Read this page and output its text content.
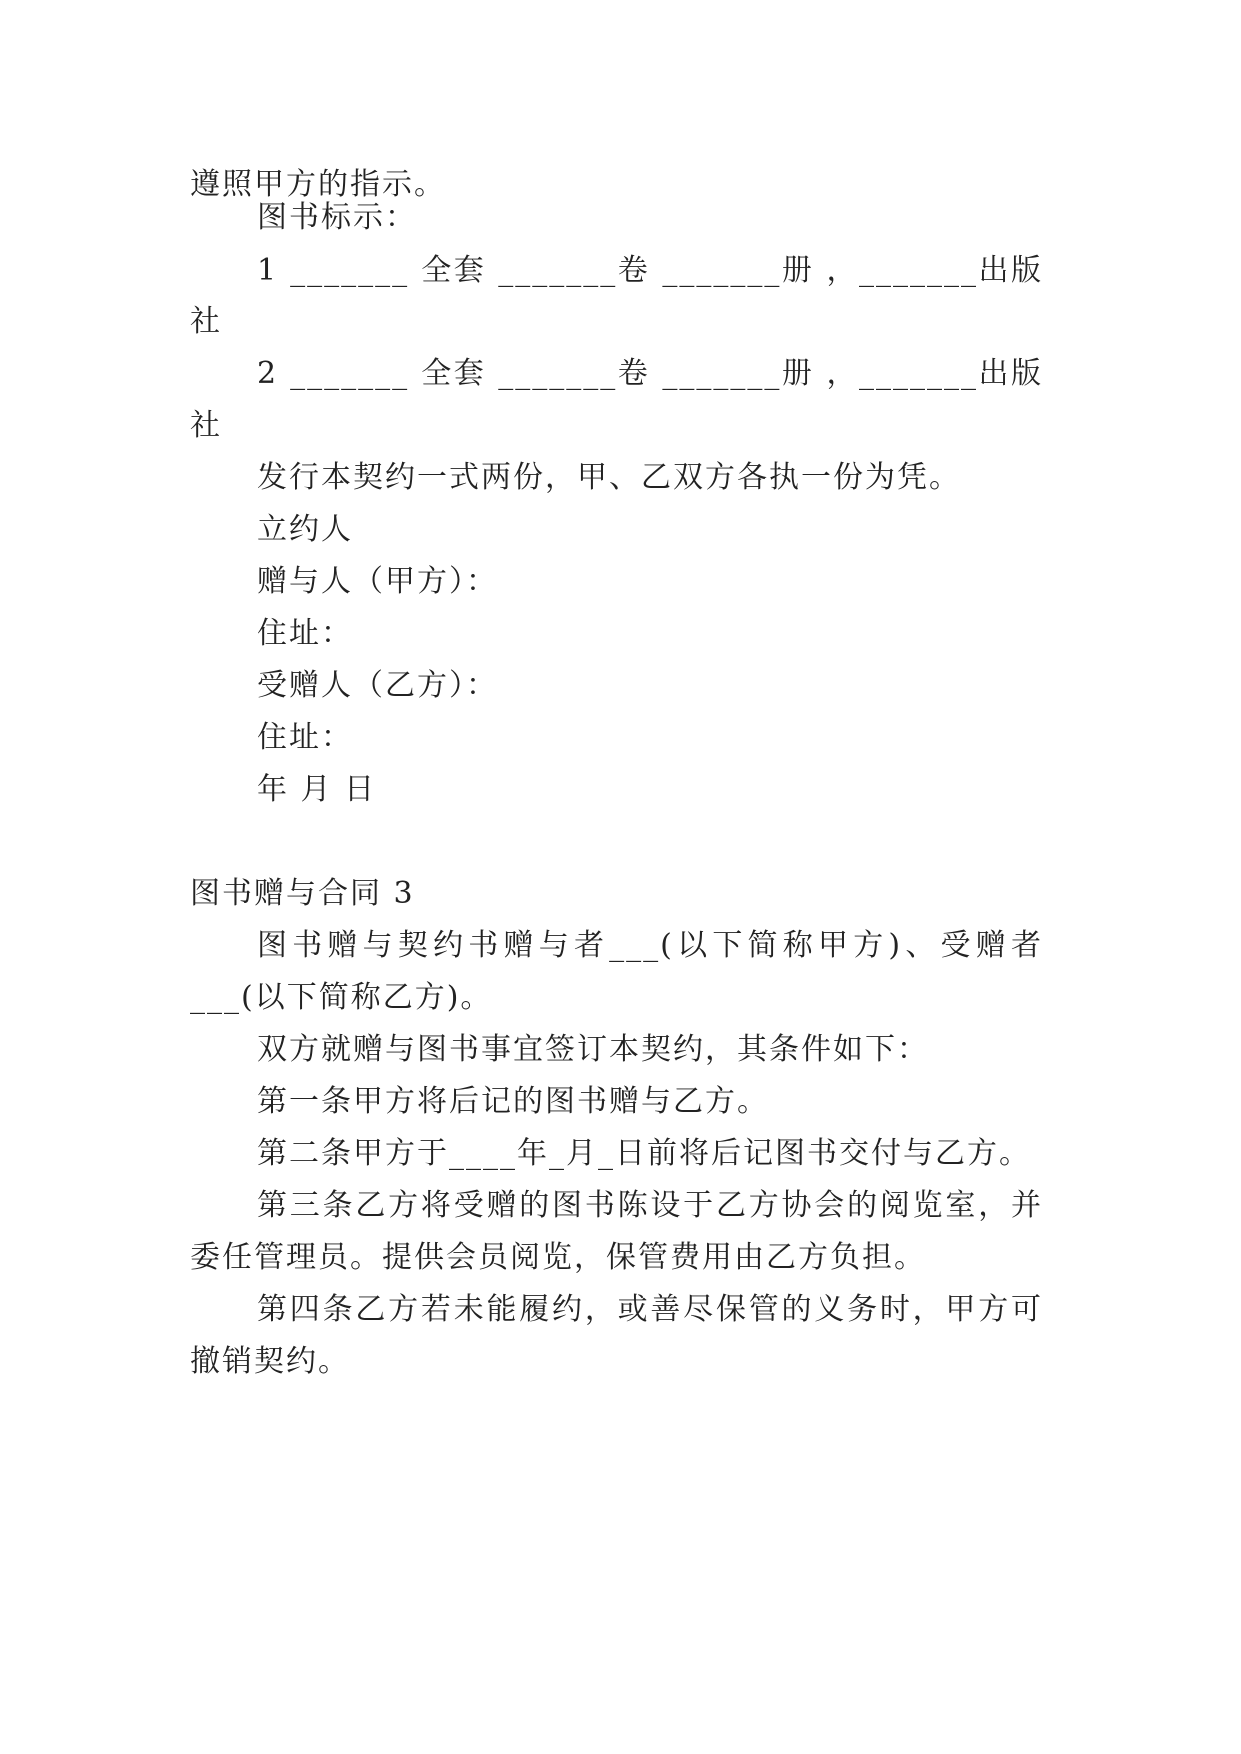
遵照甲方的指示。
图书标示：
1 _______ 全套 _______卷 _______册 ，_______出版
社
2 _______ 全套 _______卷 _______册 ，_______出版
社
发行本契约一式两份，甲、乙双方各执一份为凭。
立约人
赠与人（甲方）：
住址：
受赠人（乙方）：
住址：
年 月 日
图书赠与合同 3
图书赠与契约书赠与者___(以下简称甲方)、受赠者
___(以下简称乙方)。
双方就赠与图书事宜签订本契约，其条件如下：
第一条甲方将后记的图书赠与乙方。
第二条甲方于____年_月_日前将后记图书交付与乙方。
第三条乙方将受赠的图书陈设于乙方协会的阅览室，并
委任管理员。提供会员阅览，保管费用由乙方负担。
第四条乙方若未能履约，或善尽保管的义务时，甲方可
撤销契约。
